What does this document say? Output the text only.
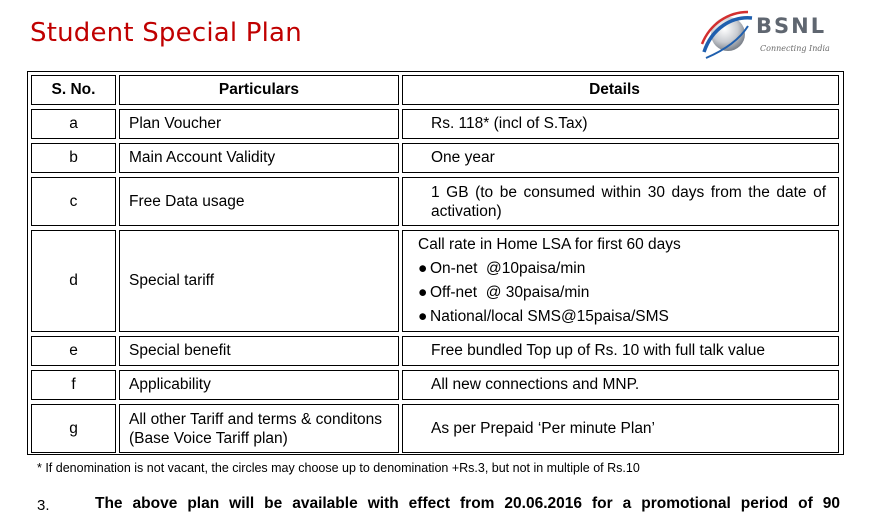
Student Special Plan	BSNL
Connecting India
S. No.	Particulars	Details
a	Plan Voucher	Rs. 118* (incl of S.Tax)
b	Main Account Validity	One year
c	Free Data usage	1 GB (to be consumed within 30 days from the date of activation)
d	Special tariff	Call rate in Home LSA for first 60 days
● On-net  @10paisa/min
● Off-net  @ 30paisa/min
● National/local SMS@15paisa/SMS

e	Special benefit	Free bundled Top up of Rs. 10 with full talk value
f	Applicability	All new connections and MNP.
g	All other Tariff and terms & conditons (Base Voice Tariff plan)	As per Prepaid ‘Per minute Plan’
* If denomination is not vacant, the circles may choose up to denomination +Rs.3, but not in multiple of Rs.10
3.	The above plan will be available with effect from 20.06.2016 for a promotional period of 90
